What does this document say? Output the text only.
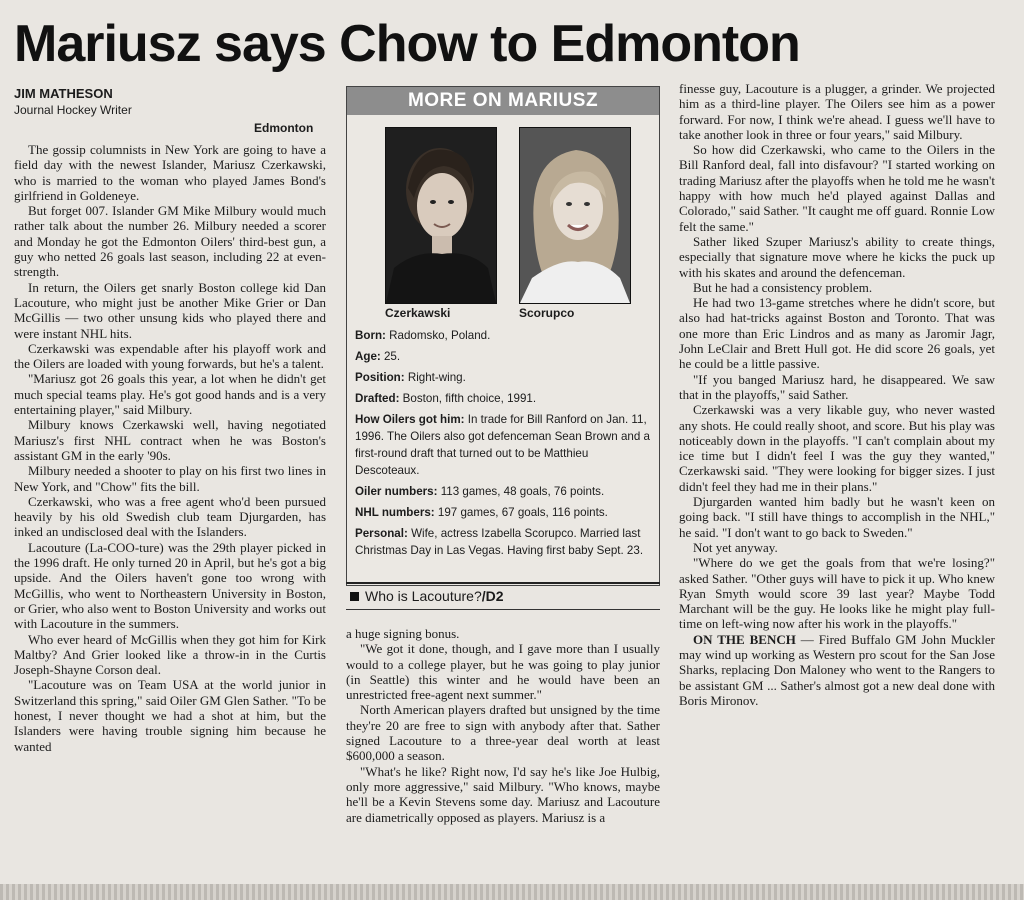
Mariusz says Chow to Edmonton
JIM MATHESON
Journal Hockey Writer
Edmonton

The gossip columnists in New York are going to have a field day with the newest Islander, Mariusz Czerkawski, who is married to the woman who played James Bond's girlfriend in Goldeneye.

But forget 007. Islander GM Mike Milbury would much rather talk about the number 26. Milbury needed a scorer and Monday he got the Edmonton Oilers' third-best gun, a guy who netted 26 goals last season, including 22 at even-strength.

In return, the Oilers get snarly Boston college kid Dan Lacouture, who might just be another Mike Grier or Dan McGillis — two other unsung kids who played there and were instant NHL hits.

Czerkawski was expendable after his playoff work and the Oilers are loaded with young forwards, but he's a talent.

"Mariusz got 26 goals this year, a lot when he didn't get much special teams play. He's got good hands and is a very entertaining player," said Milbury.

Milbury knows Czerkawski well, having negotiated Mariusz's first NHL contract when he was Boston's assistant GM in the early '90s.

Milbury needed a shooter to play on his first two lines in New York, and "Chow" fits the bill.

Czerkawski, who was a free agent who'd been pursued heavily by his old Swedish club team Djurgarden, has inked an undisclosed deal with the Islanders.

Lacouture (La-COO-ture) was the 29th player picked in the 1996 draft. He only turned 20 in April, but he's got a big upside. And the Oilers haven't gone too wrong with McGillis, who went to Northeastern University in Boston, or Grier, who also went to Boston University and works out with Lacouture in the summers.

Who ever heard of McGillis when they got him for Kirk Maltby? And Grier looked like a throw-in in the Curtis Joseph-Shayne Corson deal.

"Lacouture was on Team USA at the world junior in Switzerland this spring," said Oiler GM Glen Sather. "To be honest, I never thought we had a shot at him, but the Islanders were having trouble signing him because he wanted

MORE ON MARIUSZ
Czerkawski	Scorupco

Born: Radomsko, Poland.

Age: 25.

Position: Right-wing.

Drafted: Boston, fifth choice, 1991.

How Oilers got him: In trade for Bill Ranford on Jan. 11, 1996. The Oilers also got defenceman Sean Brown and a first-round draft that turned out to be Matthieu Descoteaux.

Oiler numbers: 113 games, 48 goals, 76 points.

NHL numbers: 197 games, 67 goals, 116 points.

Personal: Wife, actress Izabella Scorupco. Married last Christmas Day in Las Vegas. Having first baby Sept. 23.

Who is Lacouture?/D2

a huge signing bonus.

"We got it done, though, and I gave more than I usually would to a college player, but he was going to play junior (in Seattle) this winter and he would have been an unrestricted free-agent next summer."

North American players drafted but unsigned by the time they're 20 are free to sign with anybody after that. Sather signed Lacouture to a three-year deal worth at least $600,000 a season.

"What's he like? Right now, I'd say he's like Joe Hulbig, only more aggressive," said Milbury. "Who knows, maybe he'll be a Kevin Stevens some day. Mariusz and Lacouture are diametrically opposed as players. Mariusz is a

finesse guy, Lacouture is a plugger, a grinder. We projected him as a third-line player. The Oilers see him as a power forward. For now, I think we're ahead. I guess we'll have to take another look in three or four years," said Milbury.

So how did Czerkawski, who came to the Oilers in the Bill Ranford deal, fall into disfavour? "I started working on trading Mariusz after the playoffs when he told me he wasn't happy with how much he'd played against Dallas and Colorado," said Sather. "It caught me off guard. Ronnie Low felt the same."

Sather liked Szuper Mariusz's ability to create things, especially that signature move where he kicks the puck up with his skates and around the defenceman.

But he had a consistency problem.

He had two 13-game stretches where he didn't score, but also had hat-tricks against Boston and Toronto. That was one more than Eric Lindros and as many as Jaromir Jagr, John LeClair and Brett Hull got. He did score 26 goals, yet he could be a little passive.

"If you banged Mariusz hard, he disappeared. We saw that in the playoffs," said Sather.

Czerkawski was a very likable guy, who never wasted any shots. He could really shoot, and score. But his play was noticeably down in the playoffs. "I can't complain about my ice time but I didn't feel I was the guy they wanted," Czerkawski said. "They were looking for bigger sizes. I just didn't feel they had me in their plans."

Djurgarden wanted him badly but he wasn't keen on going back. "I still have things to accomplish in the NHL," he said. "I don't want to go back to Sweden."

Not yet anyway.

"Where do we get the goals from that we're losing?" asked Sather. "Other guys will have to pick it up. Who knew Ryan Smyth would score 39 last year? Maybe Todd Marchant will be the guy. He looks like he might play full-time on left-wing now after his work in the playoffs."

ON THE BENCH — Fired Buffalo GM John Muckler may wind up working as Western pro scout for the San Jose Sharks, replacing Don Maloney who went to the Rangers to be assistant GM ... Sather's almost got a new deal done with Boris Mironov.
